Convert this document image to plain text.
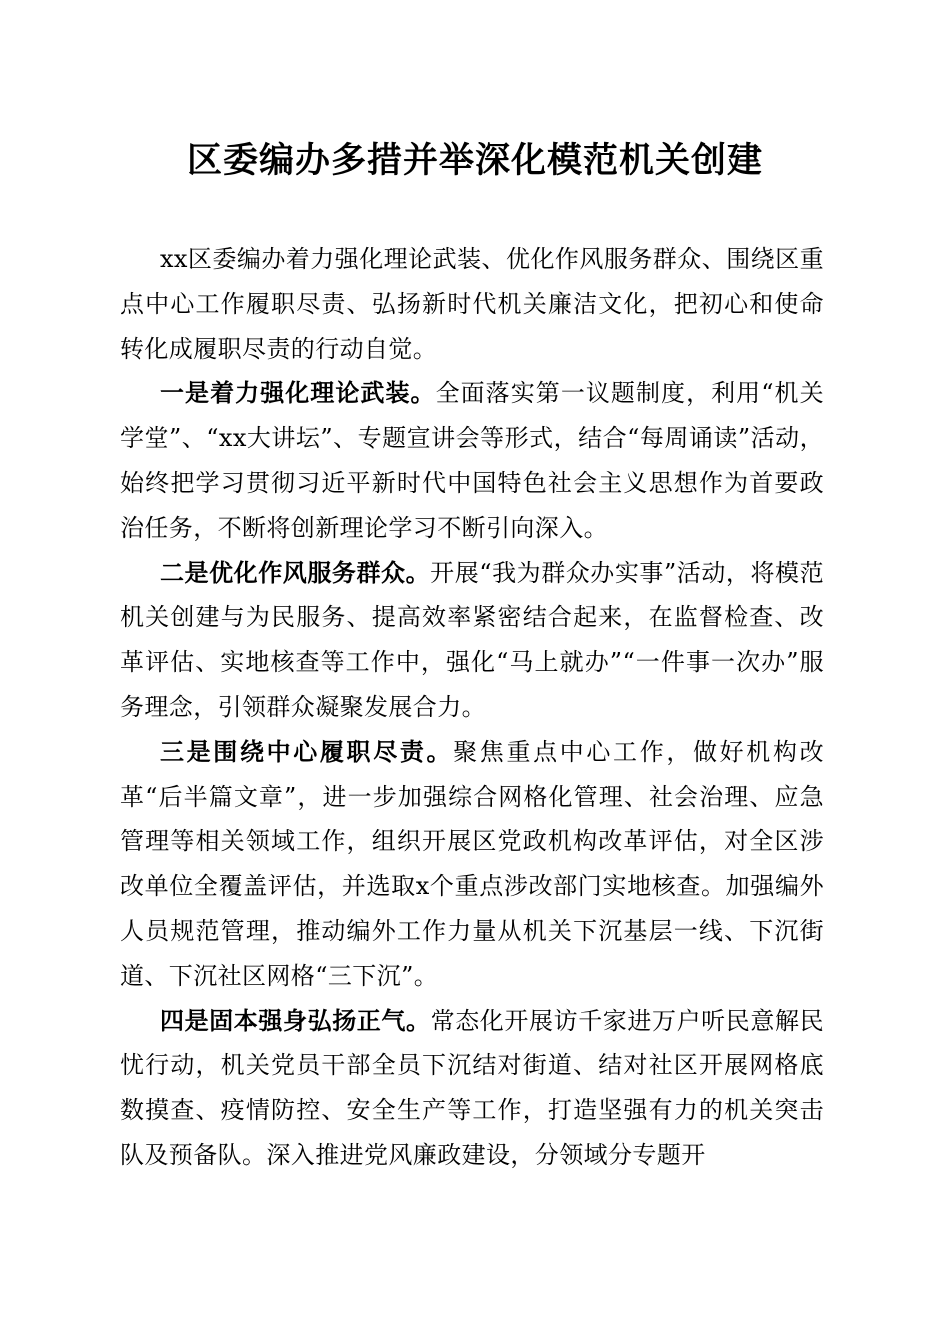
区委编办多措并举深化模范机关创建

xx区委编办着力强化理论武装、优化作风服务群众、围绕区重点中心工作履职尽责、弘扬新时代机关廉洁文化，把初心和使命转化成履职尽责的行动自觉。

一是着力强化理论武装。全面落实第一议题制度，利用“机关学堂”、“xx大讲坛”、专题宣讲会等形式，结合“每周诵读”活动，始终把学习贯彻习近平新时代中国特色社会主义思想作为首要政治任务，不断将创新理论学习不断引向深入。

二是优化作风服务群众。开展“我为群众办实事”活动，将模范机关创建与为民服务、提高效率紧密结合起来，在监督检查、改革评估、实地核查等工作中，强化“马上就办”“一件事一次办”服务理念，引领群众凝聚发展合力。

三是围绕中心履职尽责。聚焦重点中心工作，做好机构改革“后半篇文章”，进一步加强综合网格化管理、社会治理、应急管理等相关领域工作，组织开展区党政机构改革评估，对全区涉改单位全覆盖评估，并选取x个重点涉改部门实地核查。加强编外人员规范管理，推动编外工作力量从机关下沉基层一线、下沉街道、下沉社区网格“三下沉”。

四是固本强身弘扬正气。常态化开展访千家进万户听民意解民忧行动，机关党员干部全员下沉结对街道、结对社区开展网格底数摸查、疫情防控、安全生产等工作，打造坚强有力的机关突击队及预备队。深入推进党风廉政建设，分领域分专题开
